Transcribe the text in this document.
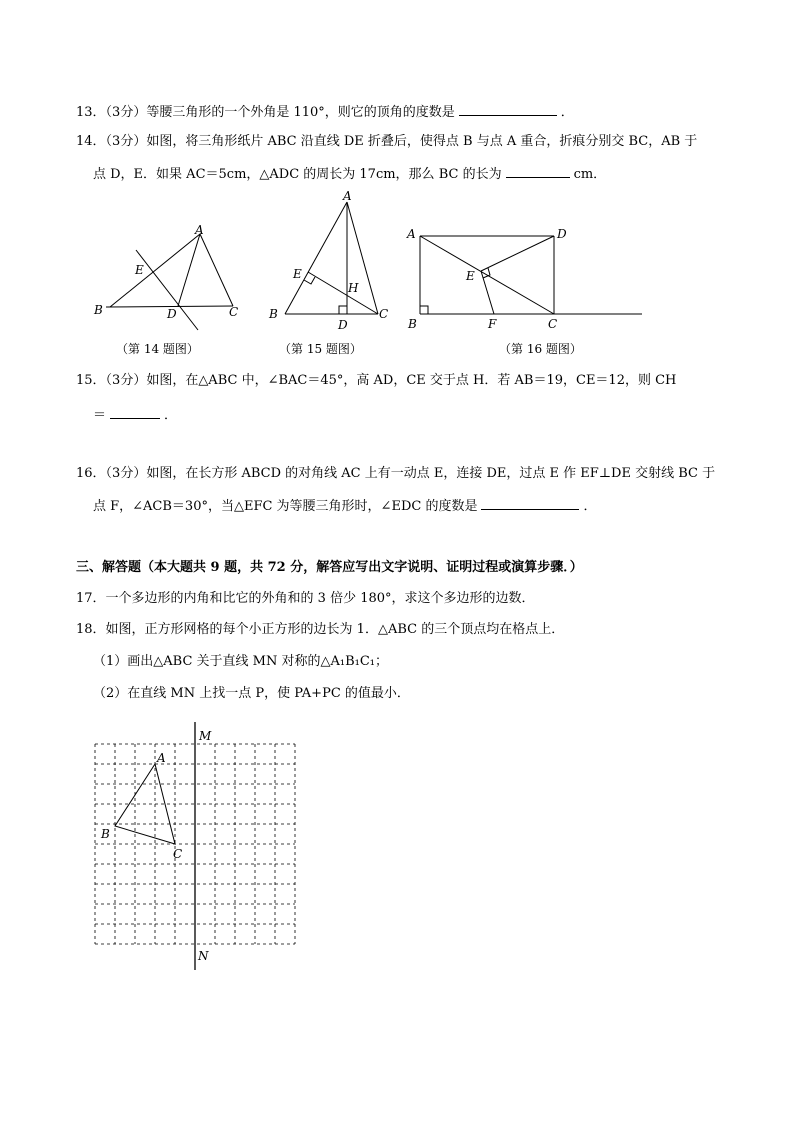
13．（3分）等腰三角形的一个外角是 110°，则它的顶角的度数是	．
14．（3分）如图，将三角形纸片 ABC 沿直线 DE 折叠后，使得点 B 与点 A 重合，折痕分别交 BC，AB 于
点 D，E．如果 AC＝5cm，△ADC 的周长为 17cm，那么 BC 的长为	cm．
A
B	C
D
E
（第 14 题图）
A
B	C
D
E
H
（第 15 题图）
A
B	C
D
E
F
（第 16 题图）
15．（3分）如图，在△ABC 中，∠BAC＝45°，高 AD，CE 交于点 H．若 AB＝19，CE＝12，则 CH
＝	．
16．（3分）如图，在长方形 ABCD 的对角线 AC 上有一动点 E，连接 DE，过点 E 作 EF⊥DE 交射线 BC 于
点 F，∠ACB＝30°，当△EFC 为等腰三角形时，∠EDC 的度数是	．
三、解答题（本大题共 9 题，共 72 分，解答应写出文字说明、证明过程或演算步骤．）
17．一个多边形的内角和比它的外角和的 3 倍少 180°，求这个多边形的边数．
18．如图，正方形网格的每个小正方形的边长为 1．△ABC 的三个顶点均在格点上．
（1）画出△ABC 关于直线 MN 对称的△A₁B₁C₁；
（2）在直线 MN 上找一点 P，使 PA+PC 的值最小．
M
N
A
B
C
